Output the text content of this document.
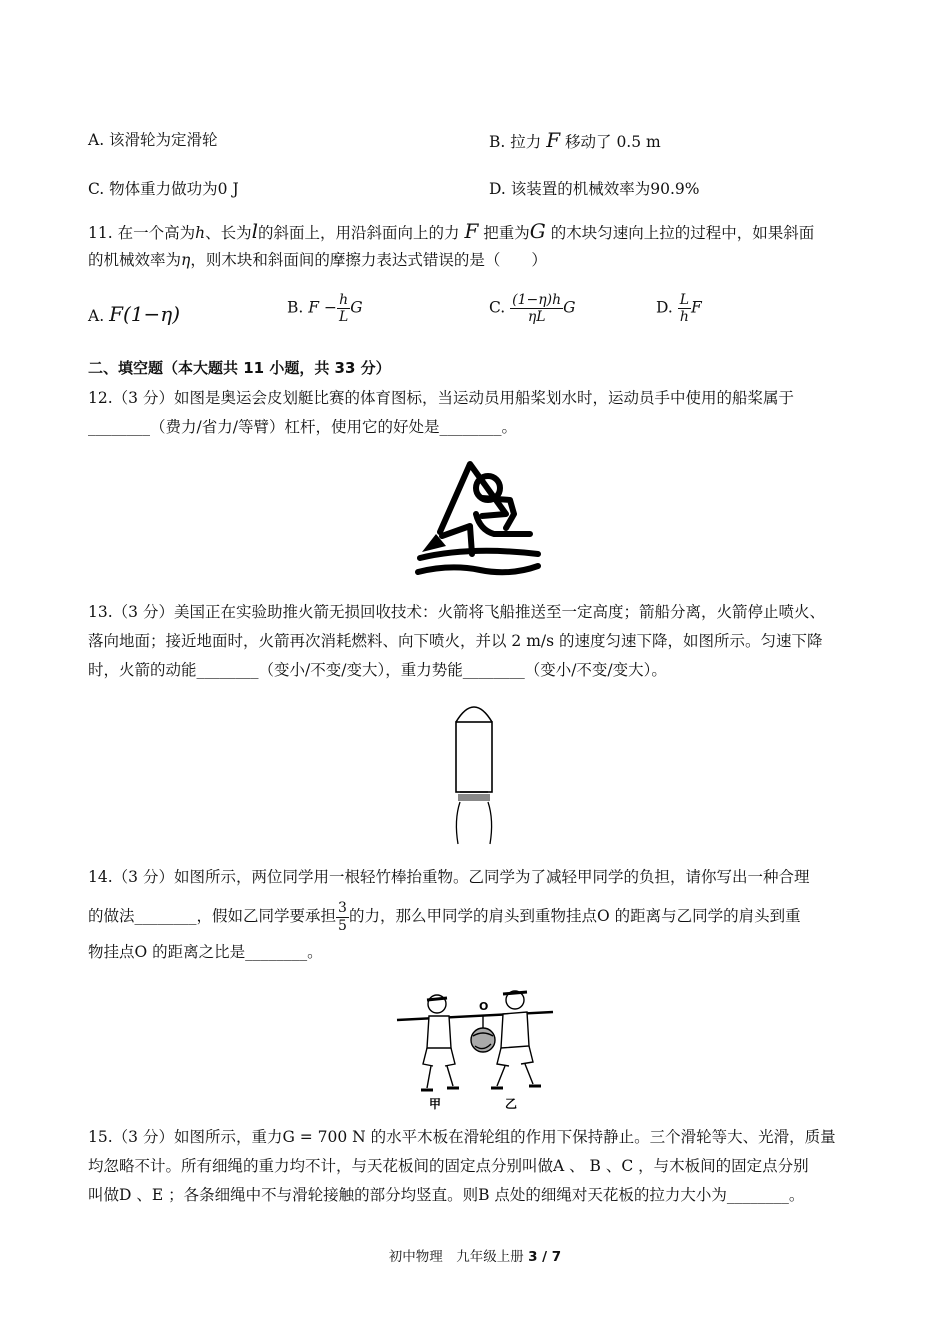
A. 该滑轮为定滑轮	B. 拉力 F 移动了 0.5 m
C. 物体重力做功为0 J	D. 该装置的机械效率为90.9%
11. 在一个高为h、长为l的斜面上，用沿斜面向上的力 F 把重为G 的木块匀速向上拉的过程中，如果斜面
的机械效率为η，则木块和斜面间的摩擦力表达式错误的是（　　）
A. F(1−η)	B. $F - \frac{h}{L}$ G	C. $\frac{(1-\eta)h}{\eta L}$ G	D. $\frac{L}{h}$ F
二、填空题（本大题共 11 小题，共 33 分）
12.（3 分）如图是奥运会皮划艇比赛的体育图标，当运动员用船桨划水时，运动员手中使用的船桨属于
________（费力/省力/等臂）杠杆，使用它的好处是________。
13.（3 分）美国正在实验助推火箭无损回收技术：火箭将飞船推送至一定高度；箭船分离，火箭停止喷火、
落向地面；接近地面时，火箭再次消耗燃料、向下喷火，并以 2 m/s 的速度匀速下降，如图所示。匀速下降
时，火箭的动能________（变小/不变/变大），重力势能________（变小/不变/变大）。
14.（3 分）如图所示，两位同学用一根轻竹棒抬重物。乙同学为了减轻甲同学的负担，请你写出一种合理
的做法________，假如乙同学要承担 $\frac{3}{5}$ 的力，那么甲同学的肩头到重物挂点O 的距离与乙同学的肩头到重
物挂点O 的距离之比是________。
O
甲	乙
15.（3 分）如图所示，重力G = 700 N 的水平木板在滑轮组的作用下保持静止。三个滑轮等大、光滑，质量
均忽略不计。所有细绳的重力均不计，与天花板间的固定点分别叫做A 、 B 、C ，与木板间的固定点分别
叫做D 、E ；各条细绳中不与滑轮接触的部分均竖直。则B 点处的细绳对天花板的拉力大小为________。
初中物理　九年级上册 3 / 7
